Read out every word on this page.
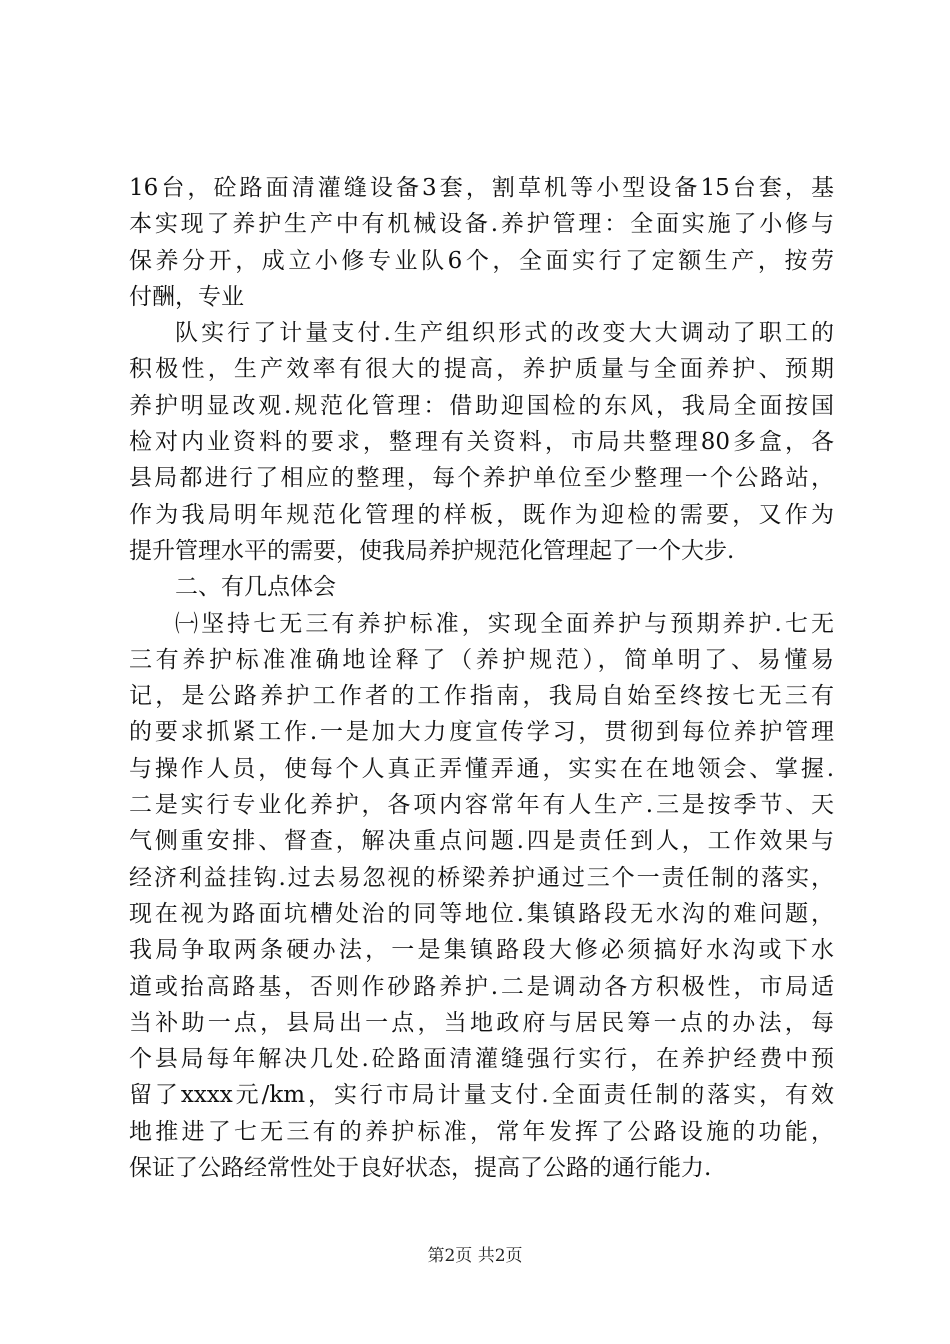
16台，砼路面清灌缝设备3套，割草机等小型设备15台套，基
本实现了养护生产中有机械设备.养护管理：全面实施了小修与
保养分开，成立小修专业队6个，全面实行了定额生产，按劳
付酬，专业
队实行了计量支付.生产组织形式的改变大大调动了职工的
积极性，生产效率有很大的提高，养护质量与全面养护、预期
养护明显改观.规范化管理：借助迎国检的东风，我局全面按国
检对内业资料的要求，整理有关资料，市局共整理80多盒，各
县局都进行了相应的整理，每个养护单位至少整理一个公路站，
作为我局明年规范化管理的样板，既作为迎检的需要，又作为
提升管理水平的需要，使我局养护规范化管理起了一个大步.
二、有几点体会
㈠坚持七无三有养护标准，实现全面养护与预期养护.七无
三有养护标准准确地诠释了（养护规范），简单明了、易懂易
记，是公路养护工作者的工作指南，我局自始至终按七无三有
的要求抓紧工作.一是加大力度宣传学习，贯彻到每位养护管理
与操作人员，使每个人真正弄懂弄通，实实在在地领会、掌握.
二是实行专业化养护，各项内容常年有人生产.三是按季节、天
气侧重安排、督查，解决重点问题.四是责任到人，工作效果与
经济利益挂钩.过去易忽视的桥梁养护通过三个一责任制的落实，
现在视为路面坑槽处治的同等地位.集镇路段无水沟的难问题，
我局争取两条硬办法，一是集镇路段大修必须搞好水沟或下水
道或抬高路基，否则作砂路养护.二是调动各方积极性，市局适
当补助一点，县局出一点，当地政府与居民筹一点的办法，每
个县局每年解决几处.砼路面清灌缝强行实行，在养护经费中预
留了xxxx元/km，实行市局计量支付.全面责任制的落实，有效
地推进了七无三有的养护标准，常年发挥了公路设施的功能，
保证了公路经常性处于良好状态，提高了公路的通行能力.
第2页 共2页
